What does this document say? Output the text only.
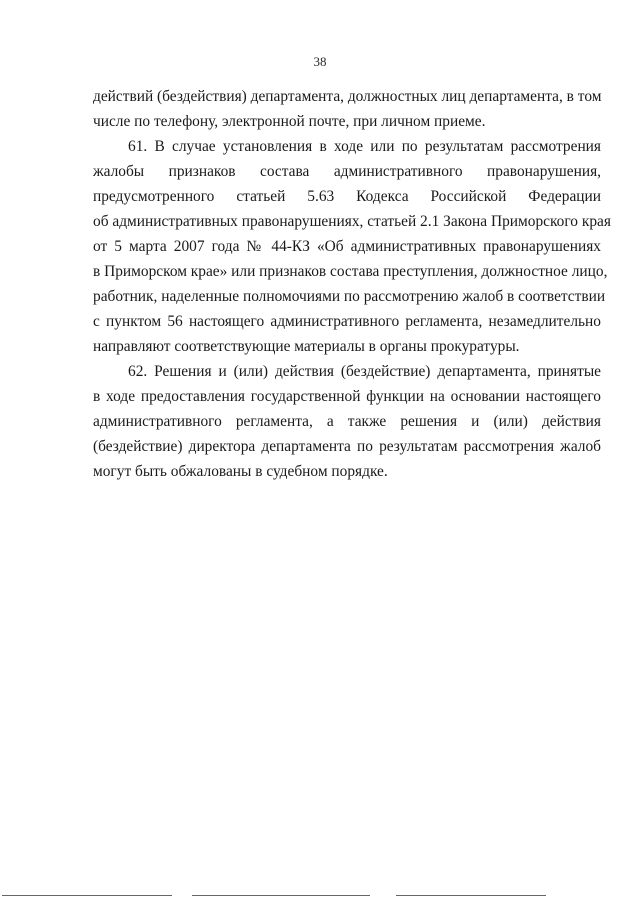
38
действий (бездействия) департамента, должностных лиц департамента, в том
числе по телефону, электронной почте, при личном приеме.
61. В случае установления в ходе или по результатам рассмотрения
жалобы признаков состава административного правонарушения,
предусмотренного статьей 5.63 Кодекса Российской Федерации
об административных правонарушениях, статьей 2.1 Закона Приморского края
от 5 марта 2007 года № 44-КЗ «Об административных правонарушениях
в Приморском крае» или признаков состава преступления, должностное лицо,
работник, наделенные полномочиями по рассмотрению жалоб в соответствии
с пунктом 56 настоящего административного регламента, незамедлительно
направляют соответствующие материалы в органы прокуратуры.
62. Решения и (или) действия (бездействие) департамента, принятые
в ходе предоставления государственной функции на основании настоящего
административного регламента, а также решения и (или) действия
(бездействие) директора департамента по результатам рассмотрения жалоб
могут быть обжалованы в судебном порядке.
